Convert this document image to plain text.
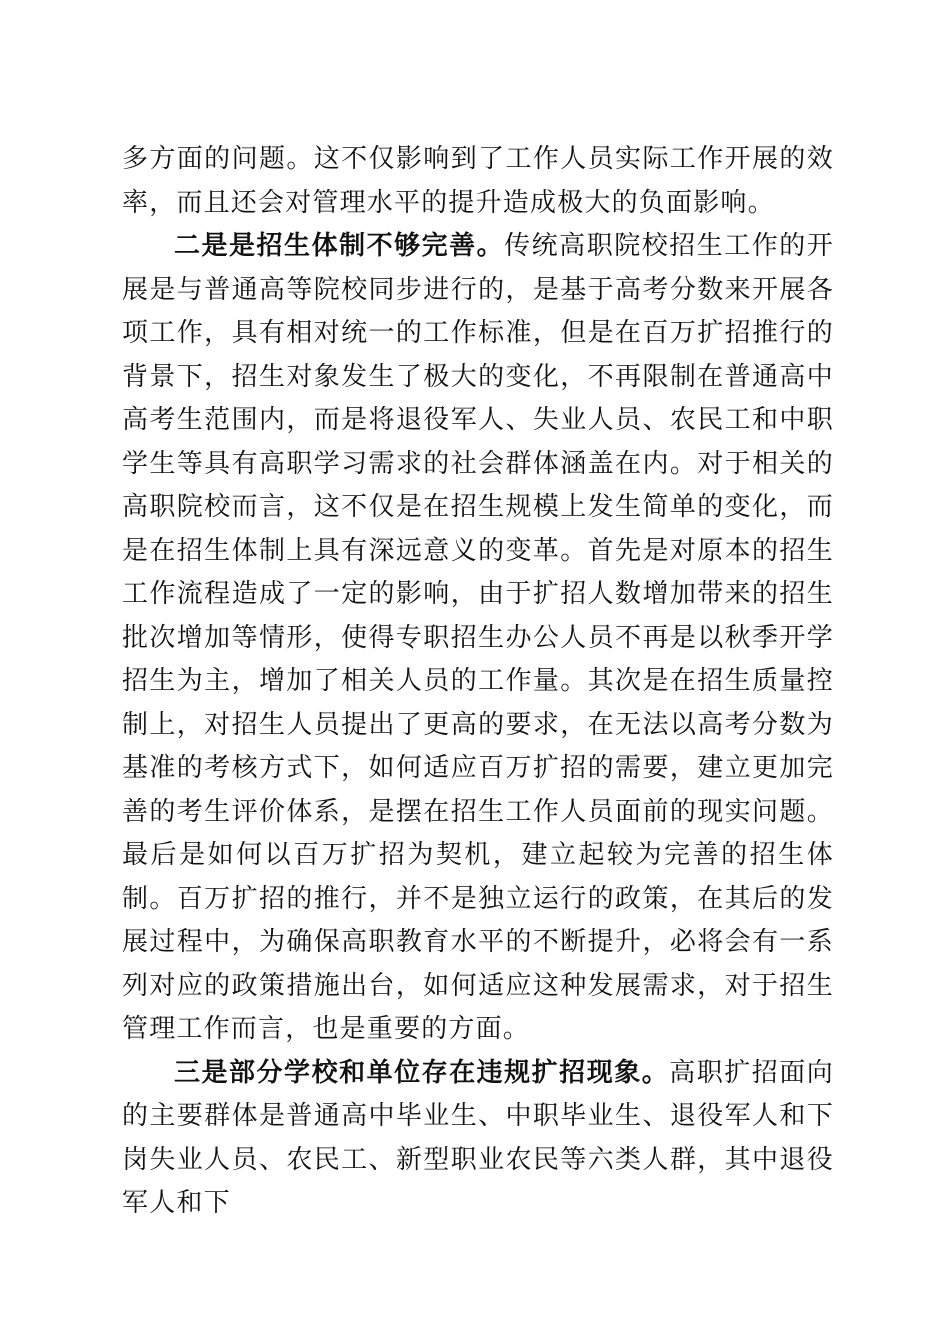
多方面的问题。这不仅影响到了工作人员实际工作开展的效率，而且还会对管理水平的提升造成极大的负面影响。

二是是招生体制不够完善。传统高职院校招生工作的开展是与普通高等院校同步进行的，是基于高考分数来开展各项工作，具有相对统一的工作标准，但是在百万扩招推行的背景下，招生对象发生了极大的变化，不再限制在普通高中高考生范围内，而是将退役军人、失业人员、农民工和中职学生等具有高职学习需求的社会群体涵盖在内。对于相关的高职院校而言，这不仅是在招生规模上发生简单的变化，而是在招生体制上具有深远意义的变革。首先是对原本的招生工作流程造成了一定的影响，由于扩招人数增加带来的招生批次增加等情形，使得专职招生办公人员不再是以秋季开学招生为主，增加了相关人员的工作量。其次是在招生质量控制上，对招生人员提出了更高的要求，在无法以高考分数为基准的考核方式下，如何适应百万扩招的需要，建立更加完善的考生评价体系，是摆在招生工作人员面前的现实问题。最后是如何以百万扩招为契机，建立起较为完善的招生体制。百万扩招的推行，并不是独立运行的政策，在其后的发展过程中，为确保高职教育水平的不断提升，必将会有一系列对应的政策措施出台，如何适应这种发展需求，对于招生管理工作而言，也是重要的方面。

三是部分学校和单位存在违规扩招现象。高职扩招面向的主要群体是普通高中毕业生、中职毕业生、退役军人和下岗失业人员、农民工、新型职业农民等六类人群，其中退役军人和下
